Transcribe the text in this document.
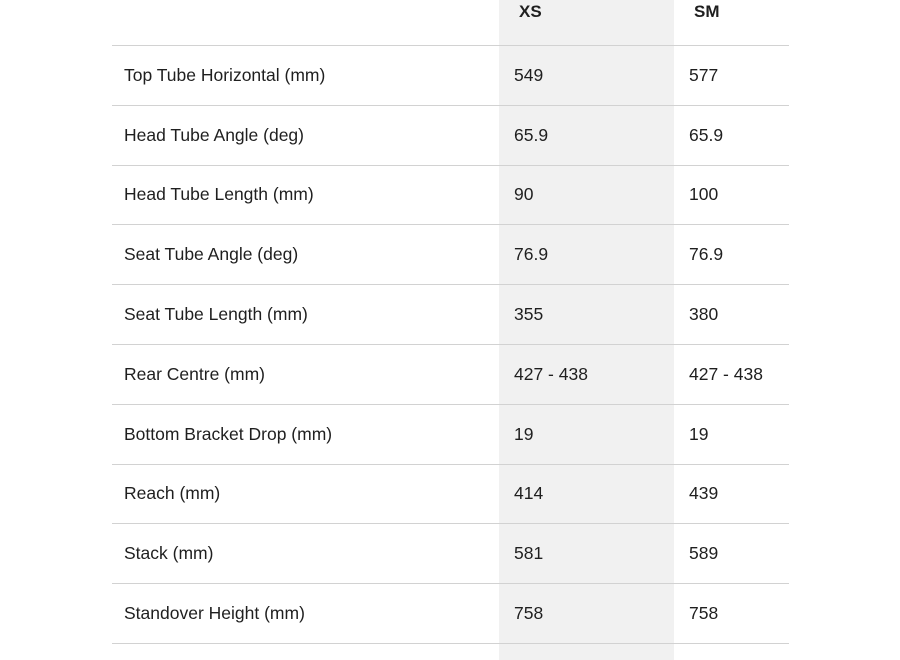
	XS	SM
Top Tube Horizontal (mm)	549	577
Head Tube Angle (deg)	65.9	65.9
Head Tube Length (mm)	90	100
Seat Tube Angle (deg)	76.9	76.9
Seat Tube Length (mm)	355	380
Rear Centre (mm)	427 - 438	427 - 438
Bottom Bracket Drop (mm)	19	19
Reach (mm)	414	439
Stack (mm)	581	589
Standover Height (mm)	758	758
